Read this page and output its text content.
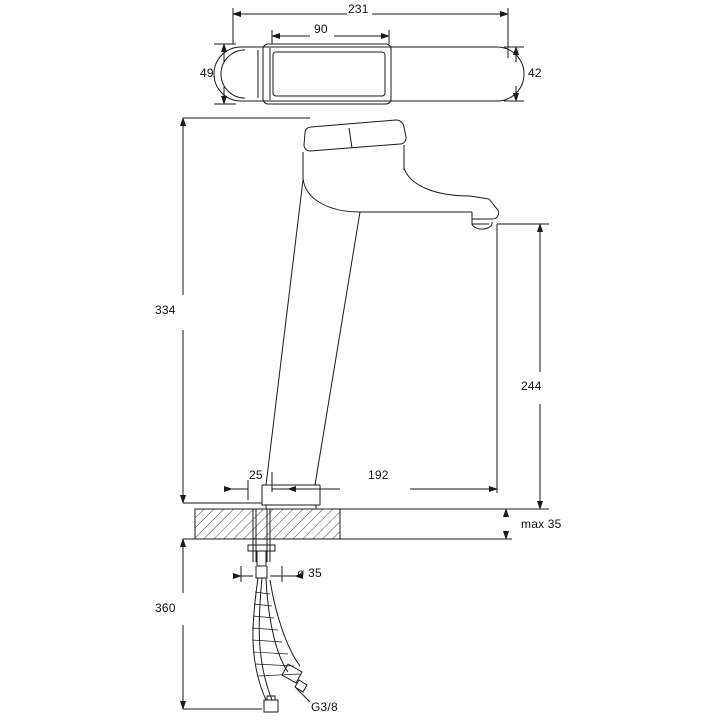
231
90
49	42
334
244
25	192
max 35
ø 35
360
G3/8
